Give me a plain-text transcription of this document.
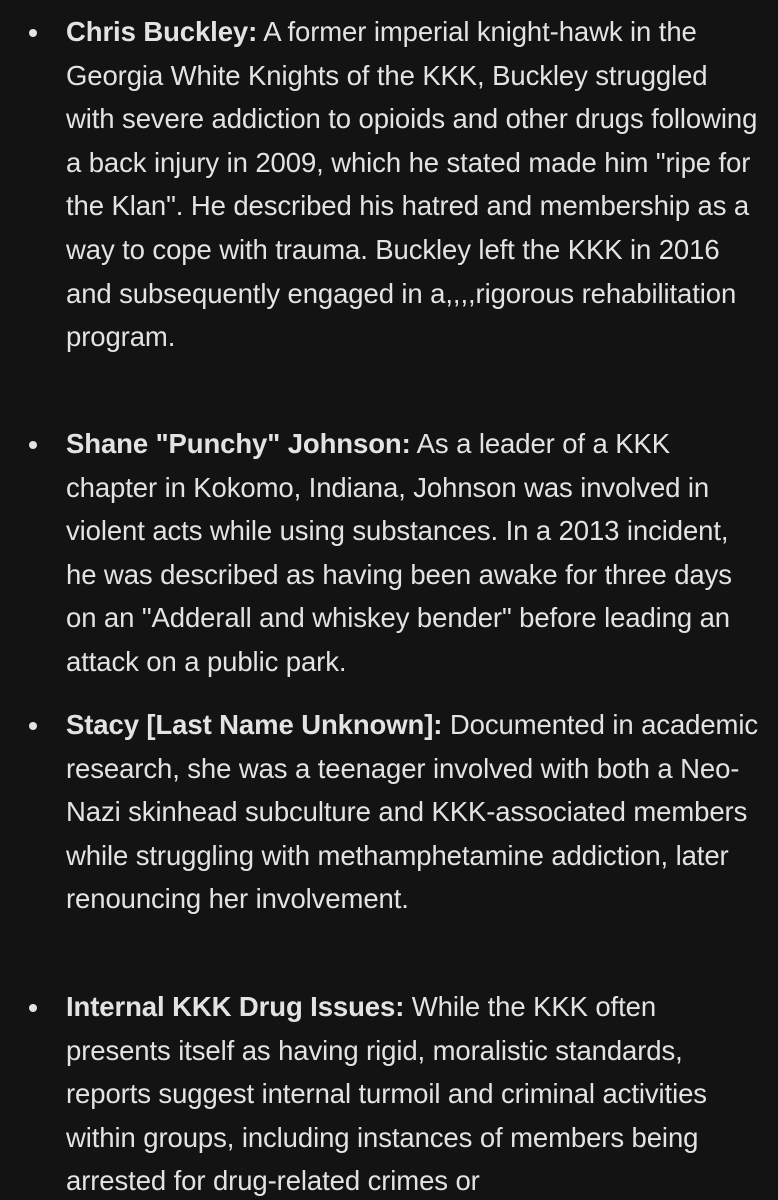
Chris Buckley: A former imperial knight-hawk in the Georgia White Knights of the KKK, Buckley struggled with severe addiction to opioids and other drugs following a back injury in 2009, which he stated made him "ripe for the Klan". He described his hatred and membership as a way to cope with trauma. Buckley left the KKK in 2016 and subsequently engaged in a,,,,rigorous rehabilitation program.
Shane "Punchy" Johnson: As a leader of a KKK chapter in Kokomo, Indiana, Johnson was involved in violent acts while using substances. In a 2013 incident, he was described as having been awake for three days on an "Adderall and whiskey bender" before leading an attack on a public park.
Stacy [Last Name Unknown]: Documented in academic research, she was a teenager involved with both a Neo-Nazi skinhead subculture and KKK-associated members while struggling with methamphetamine addiction, later renouncing her involvement.
Internal KKK Drug Issues: While the KKK often presents itself as having rigid, moralistic standards, reports suggest internal turmoil and criminal activities within groups, including instances of members being arrested for drug-related crimes or
